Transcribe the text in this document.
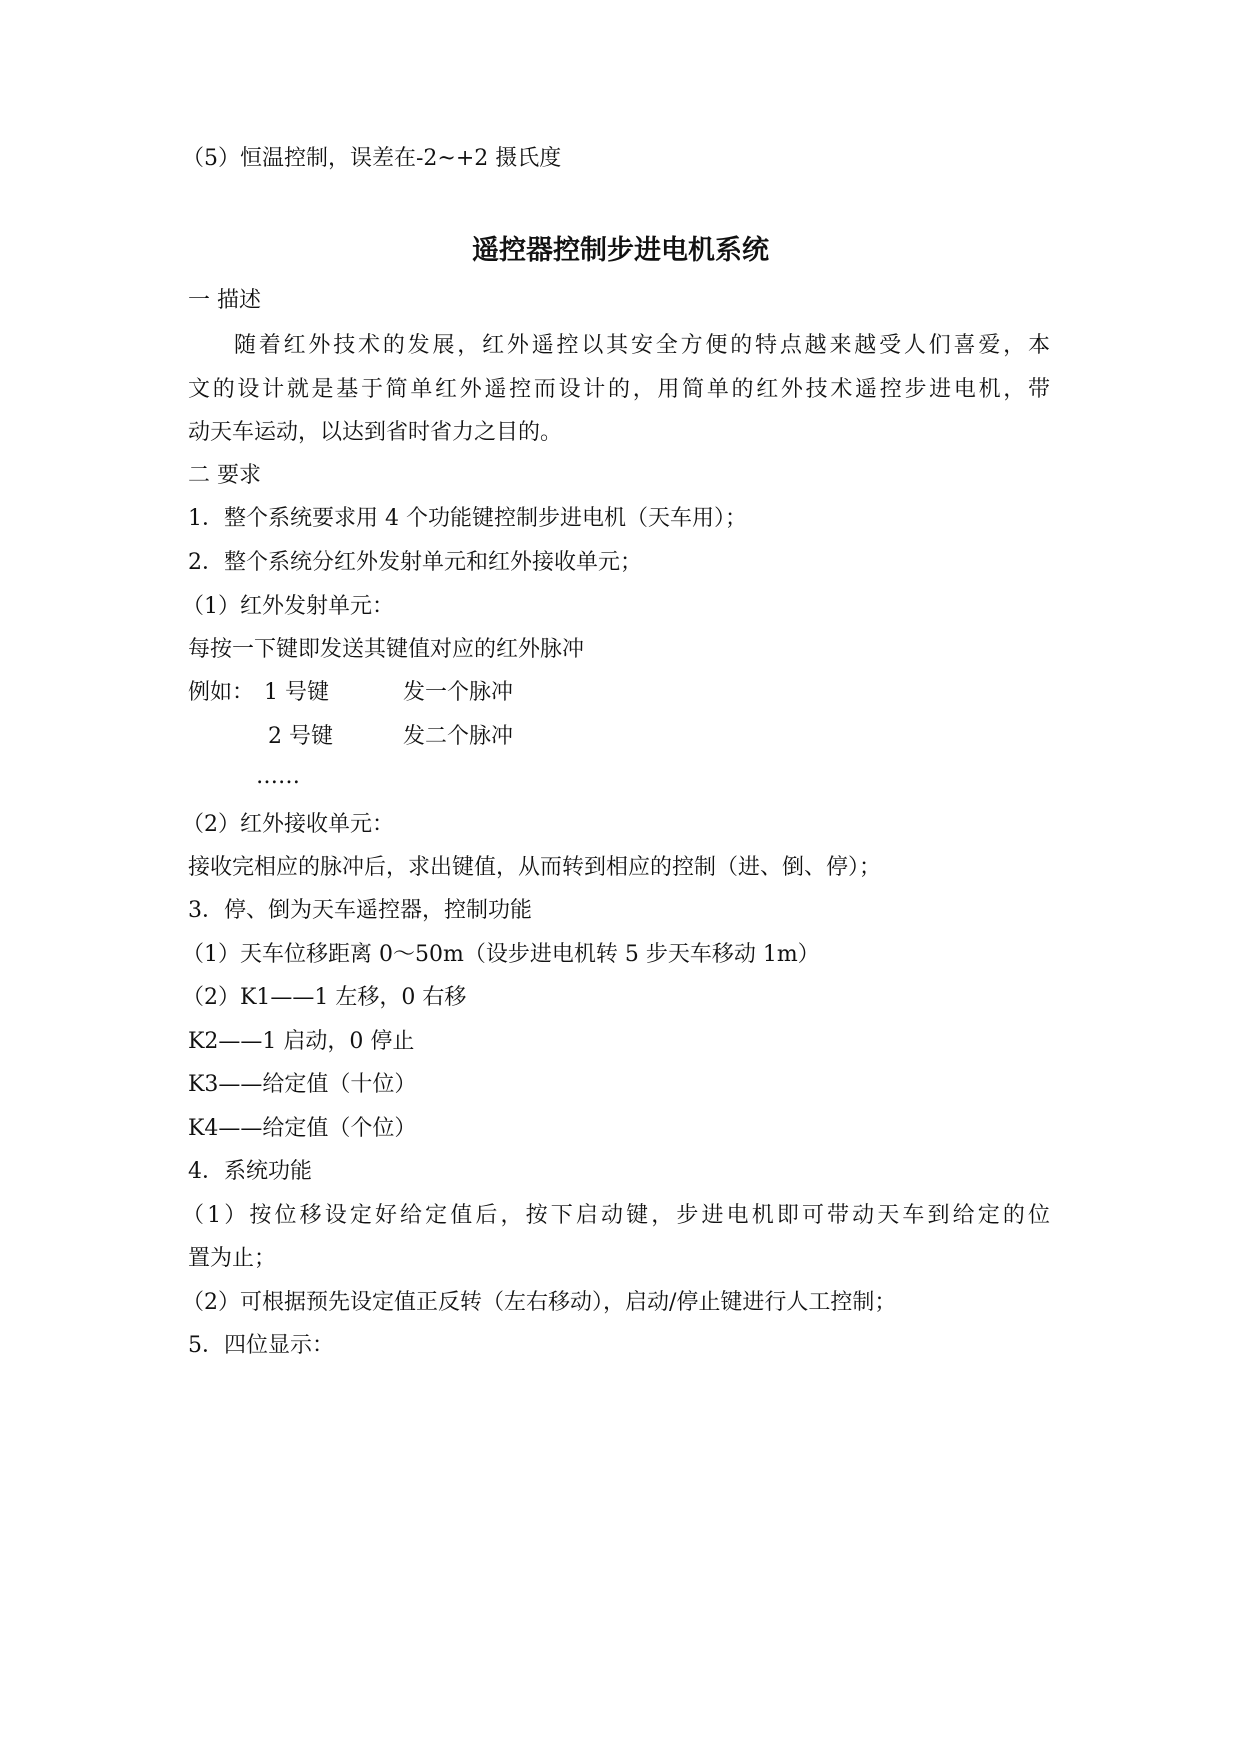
（5）恒温控制，误差在-2~+2 摄氏度
遥控器控制步进电机系统
一 描述
随着红外技术的发展，红外遥控以其安全方便的特点越来越受人们喜爱，本
文的设计就是基于简单红外遥控而设计的，用简单的红外技术遥控步进电机，带
动天车运动，以达到省时省力之目的。
二 要求
1．整个系统要求用 4 个功能键控制步进电机（天车用）；
2．整个系统分红外发射单元和红外接收单元；
（1）红外发射单元：
每按一下键即发送其键值对应的红外脉冲
例如： 1 号键	发一个脉冲
2 号键	发二个脉冲
……
（2）红外接收单元：
接收完相应的脉冲后，求出键值，从而转到相应的控制（进、倒、停）；
3．停、倒为天车遥控器，控制功能
（1）天车位移距离 0～50m（设步进电机转 5 步天车移动 1m）
（2）K1——1 左移，0 右移
K2——1 启动，0 停止
K3——给定值（十位）
K4——给定值（个位）
4．系统功能
（1）按位移设定好给定值后，按下启动键，步进电机即可带动天车到给定的位
置为止；
（2）可根据预先设定值正反转（左右移动），启动/停止键进行人工控制；
5．四位显示：
